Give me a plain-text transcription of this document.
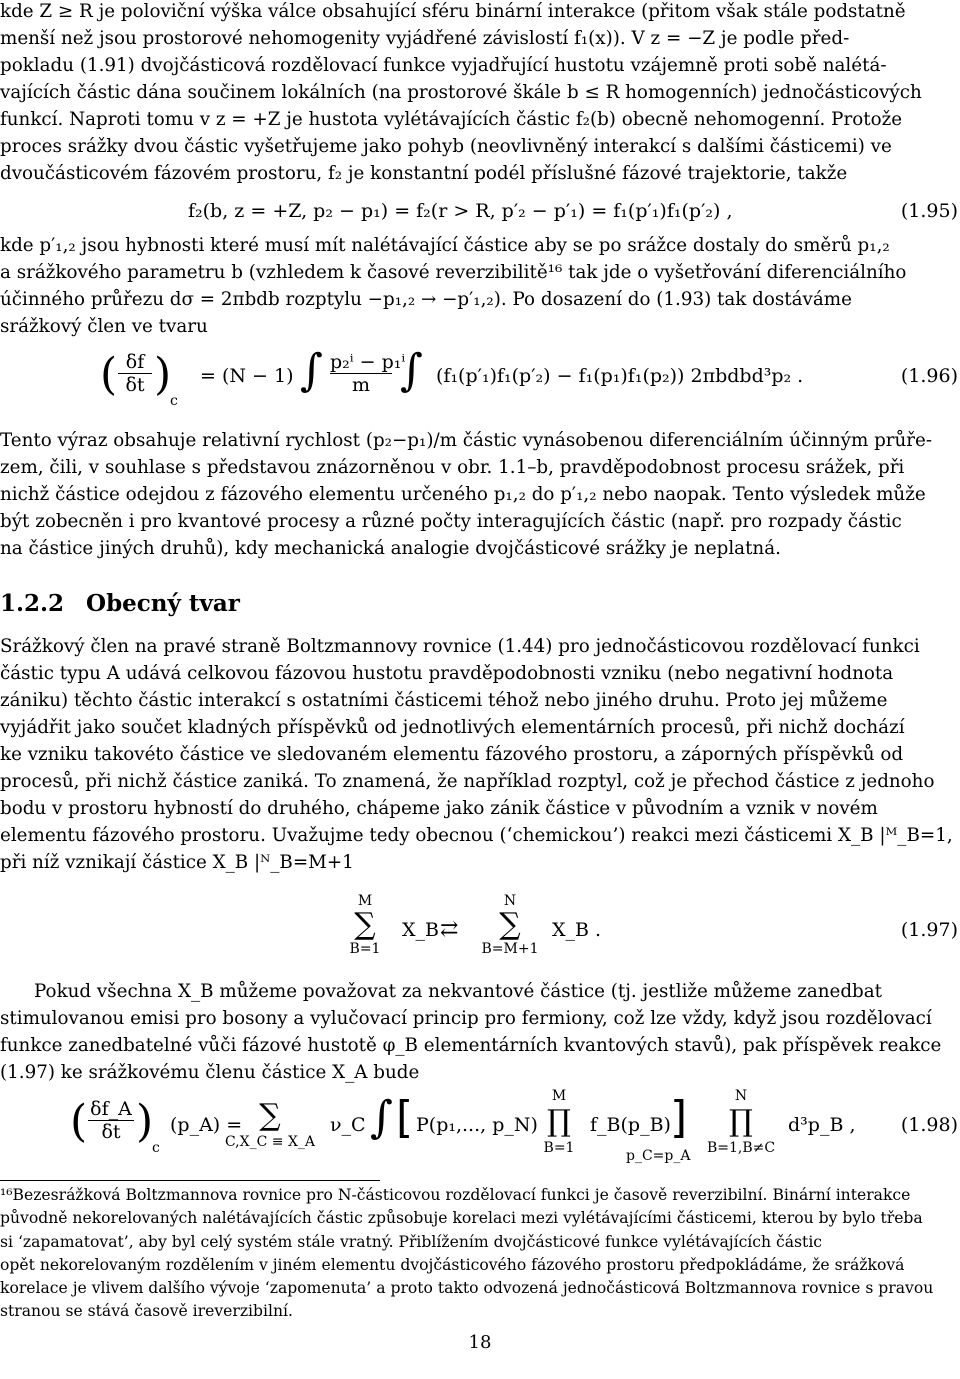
kde Z ≥ R je poloviční výška válce obsahující sféru binární interakce (přitom však stále podstatně
menší než jsou prostorové nehomogenity vyjádřené závislostí f₁(x)). V z = −Z je podle před-
pokladu (1.91) dvojčásticová rozdělovací funkce vyjadřující hustotu vzájemně proti sobě nalétá-
vajících částic dána součinem lokálních (na prostorové škále b ≤ R homogenních) jednočásticových
funkcí. Naproti tomu v z = +Z je hustota vylétávajících částic f₂(b) obecně nehomogenní. Protože
proces srážky dvou částic vyšetřujeme jako pohyb (neovlivněný interakcí s dalšími částicemi) ve
dvoučásticovém fázovém prostoru, f₂ je konstantní podél příslušné fázové trajektorie, takže
f₂(b, z = +Z, p₂ − p₁) = f₂(r > R, p′₂ − p′₁) = f₁(p′₁)f₁(p′₂) ,	(1.95)
kde p′₁,₂ jsou hybnosti které musí mít nalétávající částice aby se po srážce dostaly do směrů p₁,₂
a srážkového parametru b (vzhledem k časové reverzibilitě¹⁶ tak jde o vyšetřování diferenciálního
účinného průřezu dσ = 2πbdb rozptylu −p₁,₂ → −p′₁,₂). Po dosazení do (1.93) tak dostáváme
srážkový člen ve tvaru
( $\frac{\delta f}{\delta t}$ )
c
= (N − 1) ∫ $\frac{\text{p₂ⁱ − p₁ⁱ}}{m}$ ∫ (f₁(p′₁)f₁(p′₂) − f₁(p₁)f₁(p₂)) 2πbdbd³p₂ .	(1.96)
Tento výraz obsahuje relativní rychlost (p₂−p₁)/m částic vynásobenou diferenciálním účinným průře-
zem, čili, v souhlase s představou znázorněnou v obr. 1.1–b, pravděpodobnost procesu srážek, při
nichž částice odejdou z fázového elementu určeného p₁,₂ do p′₁,₂ nebo naopak. Tento výsledek může
být zobecněn i pro kvantové procesy a různé počty interagujících částic (např. pro rozpady částic
na částice jiných druhů), kdy mechanická analogie dvojčásticové srážky je neplatná.
1.2.2 Obecný tvar
Srážkový člen na pravé straně Boltzmannovy rovnice (1.44) pro jednočásticovou rozdělovací funkci
částic typu A udává celkovou fázovou hustotu pravděpodobnosti vzniku (nebo negativní hodnota
zániku) těchto částic interakcí s ostatními částicemi téhož nebo jiného druhu. Proto jej můžeme
vyjádřit jako součet kladných příspěvků od jednotlivých elementárních procesů, při nichž dochází
ke vzniku takovéto částice ve sledovaném elementu fázového prostoru, a záporných příspěvků od
procesů, při nichž částice zaniká. To znamená, že například rozptyl, což je přechod částice z jednoho
bodu v prostoru hybností do druhého, chápeme jako zánik částice v původním a vznik v novém
elementu fázového prostoru. Uvažujme tedy obecnou (‘chemickou’) reakci mezi částicemi X_B |ᴹ_B=1,
při níž vznikají částice X_B |ᴺ_B=M+1
M
∑
B=1
X_B ⇄
N
∑
B=M+1
X_B .	(1.97)
Pokud všechna X_B můžeme považovat za nekvantové částice (tj. jestliže můžeme zanedbat
stimulovanou emisi pro bosony a vylučovací princip pro fermiony, což lze vždy, když jsou rozdělovací
funkce zanedbatelné vůči fázové hustotě φ_B elementárních kvantových stavů), pak příspěvek reakce
(1.97) ke srážkovému členu částice X_A bude
( $\frac{\delta f\_A}{\delta t}$ )
c
(p_A) = ∑
C,X_C ≡ X_A
ν_C ∫ [ P(p₁,..., p_N)
M
∏
B=1
f_B(p_B) ]
p_C=p_A
N
∏
B=1,B≠C
d³p_B , (1.98)
¹⁶Bezesrážková Boltzmannova rovnice pro N-částicovou rozdělovací funkci je časově reverzibilní. Binární interakce
původně nekorelovaných nalétávajících částic způsobuje korelaci mezi vylétávajícími částicemi, kterou by bylo třeba
si ‘zapamatovat’, aby byl celý systém stále vratný. Přiblížením dvojčásticové funkce vylétávajících částic
opět nekorelovaným rozdělením v jiném elementu dvojčásticového fázového prostoru předpokládáme, že srážková
korelace je vlivem dalšího vývoje ‘zapomenuta’ a proto takto odvozená jednočásticová Boltzmannova rovnice s pravou
stranou se stává časově ireverzibilní.
18
